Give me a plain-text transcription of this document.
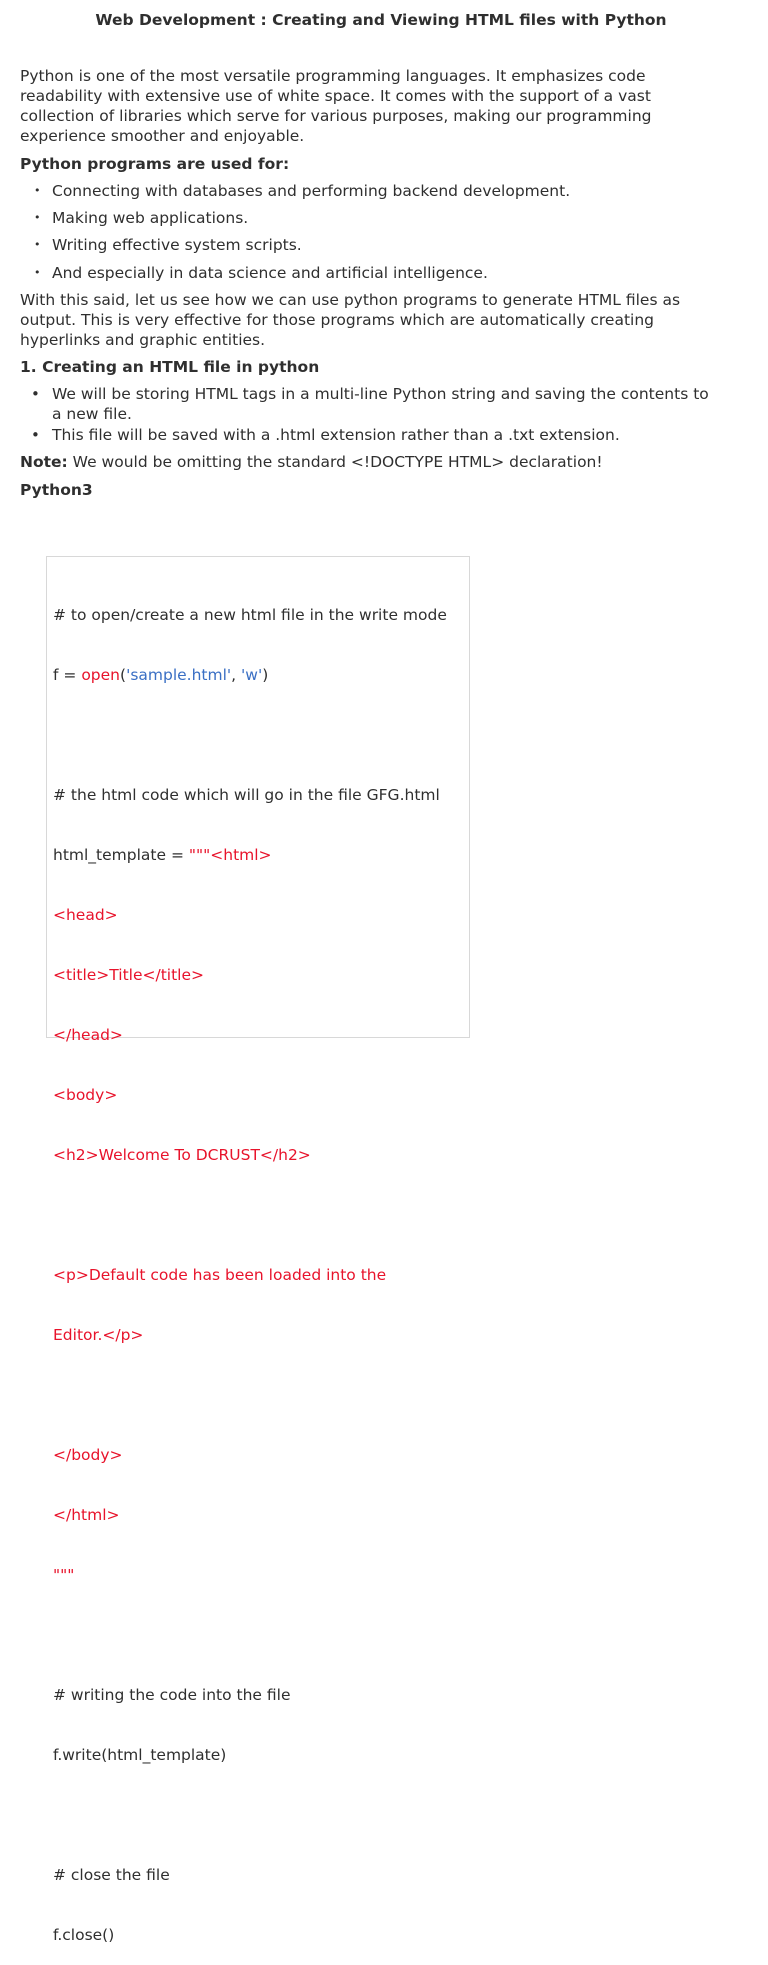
Web Development : Creating and Viewing HTML files with Python
Python is one of the most versatile programming languages. It emphasizes code
readability with extensive use of white space. It comes with the support of a vast
collection of libraries which serve for various purposes, making our programming
experience smoother and enjoyable.
Python programs are used for:
• Connecting with databases and performing backend development.
• Making web applications.
• Writing effective system scripts.
• And especially in data science and artificial intelligence.
With this said, let us see how we can use python programs to generate HTML files as
output. This is very effective for those programs which are automatically creating
hyperlinks and graphic entities.
1. Creating an HTML file in python
• We will be storing HTML tags in a multi-line Python string and saving the contents to
a new file.
• This file will be saved with a .html extension rather than a .txt extension.
Note: We would be omitting the standard <!DOCTYPE HTML> declaration!
Python3

# to open/create a new html file in the write mode

f = open('sample.html', 'w')

# the html code which will go in the file GFG.html

html_template = """<html>

<head>

<title>Title</title>

</head>

<body>

<h2>Welcome To DCRUST</h2>

<p>Default code has been loaded into the

Editor.</p>

</body>

</html>

"""

# writing the code into the file

f.write(html_template)

# close the file

f.close()
